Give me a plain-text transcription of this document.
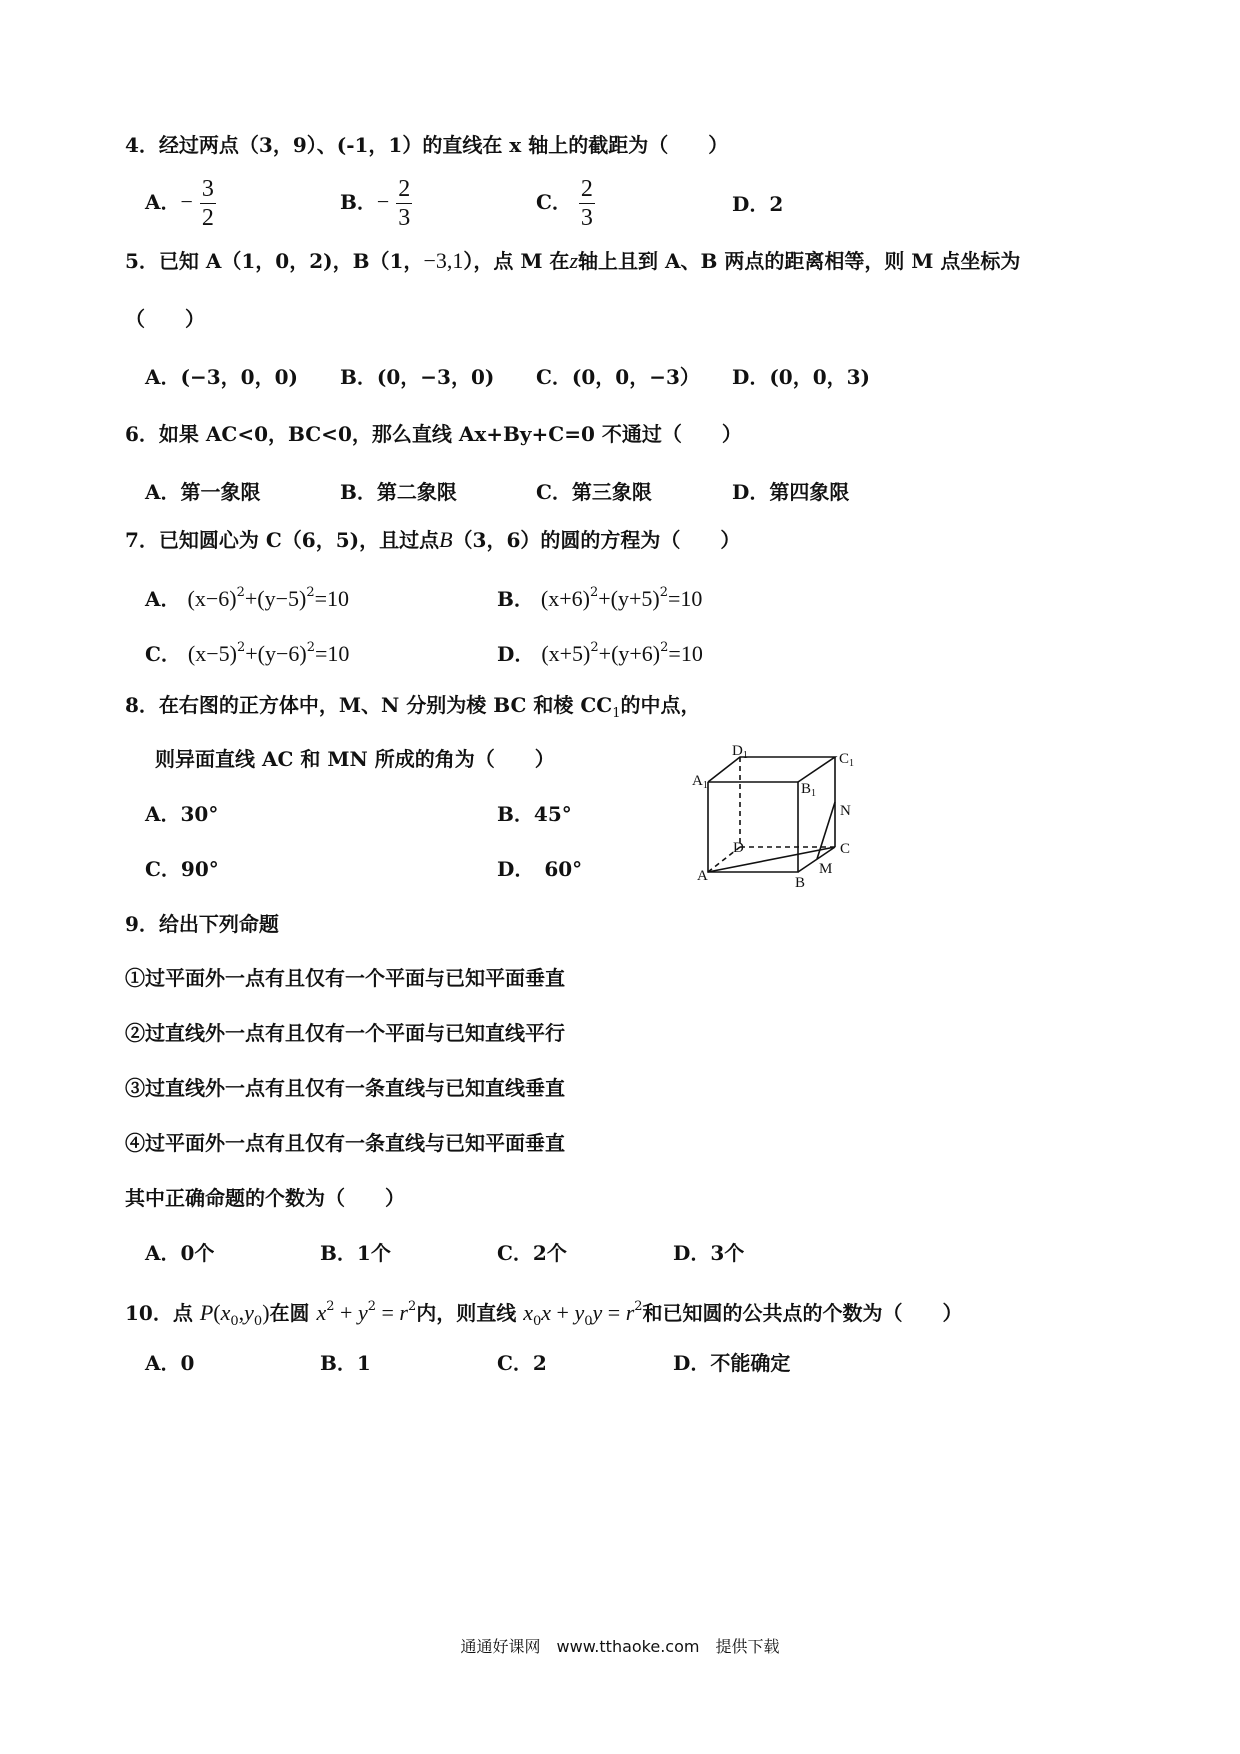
4．经过两点（3，9）、(-1，1）的直线在 x 轴上的截距为（　　）
A．− $\frac{3}{2}$	B．− $\frac{2}{3}$	C． $\frac{2}{3}$	D．2
5．已知 A（1，0，2)，B（1，−3,1），点 M 在z轴上且到 A、B 两点的距离相等，则 M 点坐标为
（　　）
A．(−3，0，0) B．(0，−3，0) C．(0，0，−3） D．(0，0，3)
6．如果 AC<0，BC<0，那么直线 Ax+By+C=0 不通过（　　）
A．第一象限	B．第二象限	C．第三象限	D．第四象限
7．已知圆心为 C（6，5)，且过点B（3，6）的圆的方程为（　　）
A． $(x-6)^2+(y-5)^2=10$	B． $(x+6)^2+(y+5)^2=10$
C． $(x-5)^2+(y-6)^2=10$	D． $(x+5)^2+(y+6)^2=10$
8．在右图的正方体中，M、N 分别为棱 BC 和棱 $CC_1$的中点，
则异面直线 AC 和 MN 所成的角为（　　）
A．30°	B．45°
C．90°	D．　60°
$D_1$	$C_1$
$A_1$	$B_1$
N
D	C
M
A	B
9．给出下列命题
①过平面外一点有且仅有一个平面与已知平面垂直
②过直线外一点有且仅有一个平面与已知直线平行
③过直线外一点有且仅有一条直线与已知直线垂直
④过平面外一点有且仅有一条直线与已知平面垂直
其中正确命题的个数为（　　）
A．0个	B．1个	C．2个	D．3个
10．点 $P(x_0,y_0)$在圆 $x^2 + y^2 = r^2$内，则直线 $x_0x + y_0y = r^2$和已知圆的公共点的个数为（　　）
A．0	B．1	C．2	D．不能确定
通通好课网　www.tthaoke.com　提供下载
